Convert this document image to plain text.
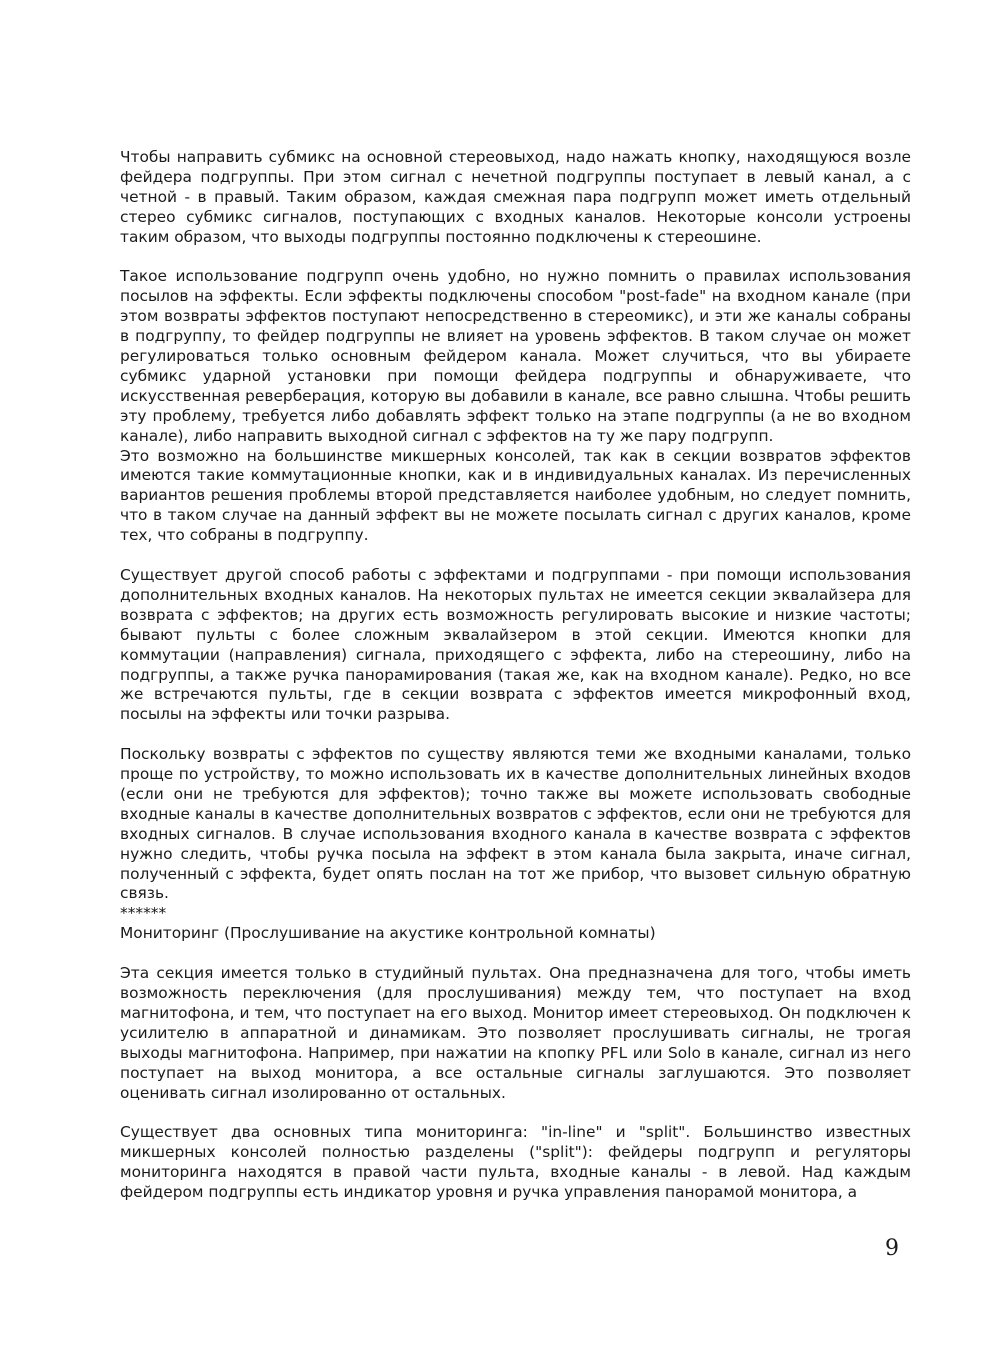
Чтобы направить субмикс на основной стереовыход, надо нажать кнопку, находящуюся возле фейдера подгруппы. При этом сигнал с нечетной подгруппы поступает в левый канал, а с четной - в правый. Таким образом, каждая смежная пара подгрупп может иметь отдельный стерео субмикс сигналов, поступающих с входных каналов. Некоторые консоли устроены таким образом, что выходы подгруппы постоянно подключены к стереошине.

Такое использование подгрупп очень удобно, но нужно помнить о правилах использования посылов на эффекты. Если эффекты подключены способом "post-fade" на входном канале (при этом возвраты эффектов поступают непосредственно в стереомикс), и эти же каналы собраны в подгруппу, то фейдер подгруппы не влияет на уровень эффектов. В таком случае он может регулироваться только основным фейдером канала. Может случиться, что вы убираете субмикс ударной установки при помощи фейдера подгруппы и обнаруживаете, что искусственная реверберация, которую вы добавили в канале, все равно слышна. Чтобы решить эту проблему, требуется либо добавлять эффект только на этапе подгруппы (а не во входном канале), либо направить выходной сигнал с эффектов на ту же пару подгрупп.

Это возможно на большинстве микшерных консолей, так как в секции возвратов эффектов имеются такие коммутационные кнопки, как и в индивидуальных каналах. Из перечисленных вариантов решения проблемы второй представляется наиболее удобным, но следует помнить, что в таком случае на данный эффект вы не можете посылать сигнал с других каналов, кроме тех, что собраны в подгруппу.

Существует другой способ работы с эффектами и подгруппами - при помощи использования дополнительных входных каналов. На некоторых пультах не имеется секции эквалайзера для возврата с эффектов; на других есть возможность регулировать высокие и низкие частоты; бывают пульты с более сложным эквалайзером в этой секции. Имеются кнопки для коммутации (направления) сигнала, приходящего с эффекта, либо на стереошину, либо на подгруппы, а также ручка панорамирования (такая же, как на входном канале). Редко, но все же встречаются пульты, где в секции возврата с эффектов имеется микрофонный вход, посылы на эффекты или точки разрыва.

Поскольку возвраты с эффектов по существу являются теми же входными каналами, только проще по устройству, то можно использовать их в качестве дополнительных линейных входов (если они не требуются для эффектов); точно также вы можете использовать свободные входные каналы в качестве дополнительных возвратов с эффектов, если они не требуются для входных сигналов. В случае использования входного канала в качестве возврата с эффектов нужно следить, чтобы ручка посыла на эффект в этом канала была закрыта, иначе сигнал, полученный с эффекта, будет опять послан на тот же прибор, что вызовет сильную обратную связь.

******

Мониторинг (Прослушивание на акустике контрольной комнаты)

Эта секция имеется только в студийный пультах. Она предназначена для того, чтобы иметь возможность переключения (для прослушивания) между тем, что поступает на вход магнитофона, и тем, что поступает на его выход. Монитор имеет стереовыход. Он подключен к усилителю в аппаратной и динамикам. Это позволяет прослушивать сигналы, не трогая выходы магнитофона. Например, при нажатии на кпопку PFL или Solo в канале, сигнал из него поступает на выход монитора, а все остальные сигналы заглушаются. Это позволяет оценивать сигнал изолированно от остальных.

Существует два основных типа мониторинга: "in-line" и "split". Большинство известных микшерных консолей полностью разделены ("split"): фейдеры подгрупп и регуляторы мониторинга находятся в правой части пульта, входные каналы - в левой. Над каждым фейдером подгруппы есть индикатор уровня и ручка управления панорамой монитора, а

9
